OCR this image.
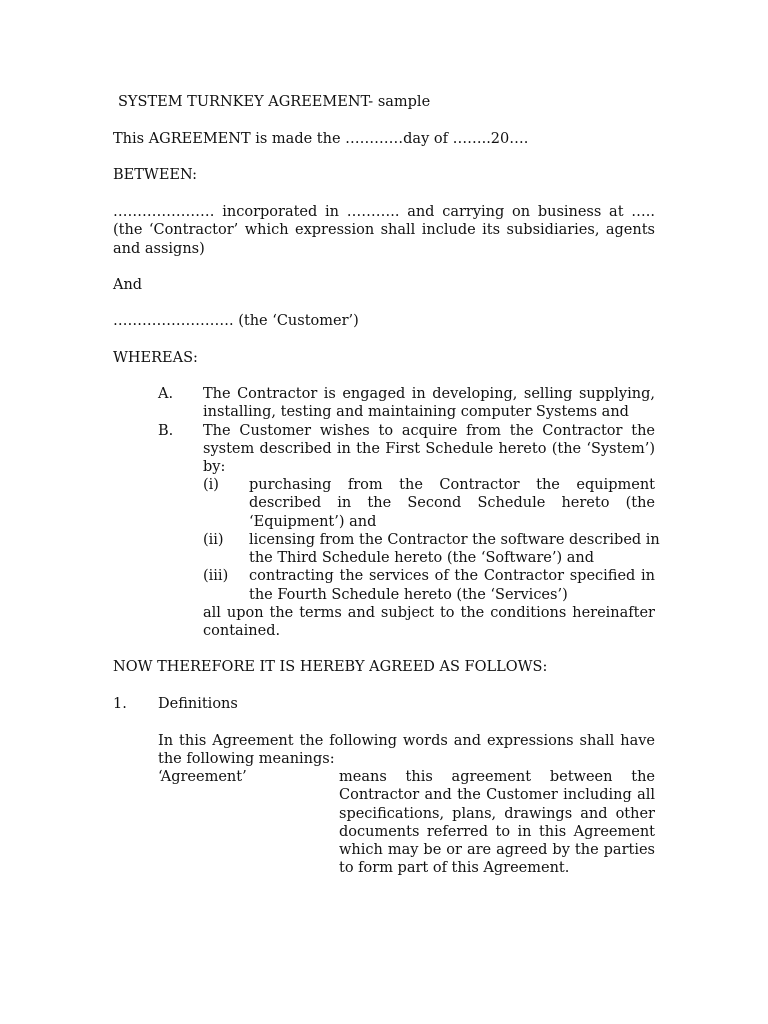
SYSTEM TURNKEY AGREEMENT- sample
This AGREEMENT is made the …………day of ……..20….
BETWEEN:
………………… incorporated in ……….. and carrying on business at …..
(the ‘Contractor’ which expression shall include its subsidiaries, agents
and assigns)
And
……………………. (the ‘Customer’)
WHEREAS:
A. The Contractor is engaged in developing, selling supplying,
installing, testing and maintaining computer Systems and
B. The Customer wishes to acquire from the Contractor the
system described in the First Schedule hereto (the ‘System’)
by:
(i) purchasing from the Contractor the equipment
described in the Second Schedule hereto (the
‘Equipment’) and
(ii) licensing from the Contractor the software described in
the Third Schedule hereto (the ‘Software’) and
(iii) contracting the services of the Contractor specified in
the Fourth Schedule hereto (the ‘Services’)
all upon the terms and subject to the conditions hereinafter
contained.
NOW THEREFORE IT IS HEREBY AGREED AS FOLLOWS:
1. Definitions
In this Agreement the following words and expressions shall have
the following meanings:
‘Agreement’	means this agreement between the
Contractor and the Customer including all
specifications, plans, drawings and other
documents referred to in this Agreement
which may be or are agreed by the parties
to form part of this Agreement.
